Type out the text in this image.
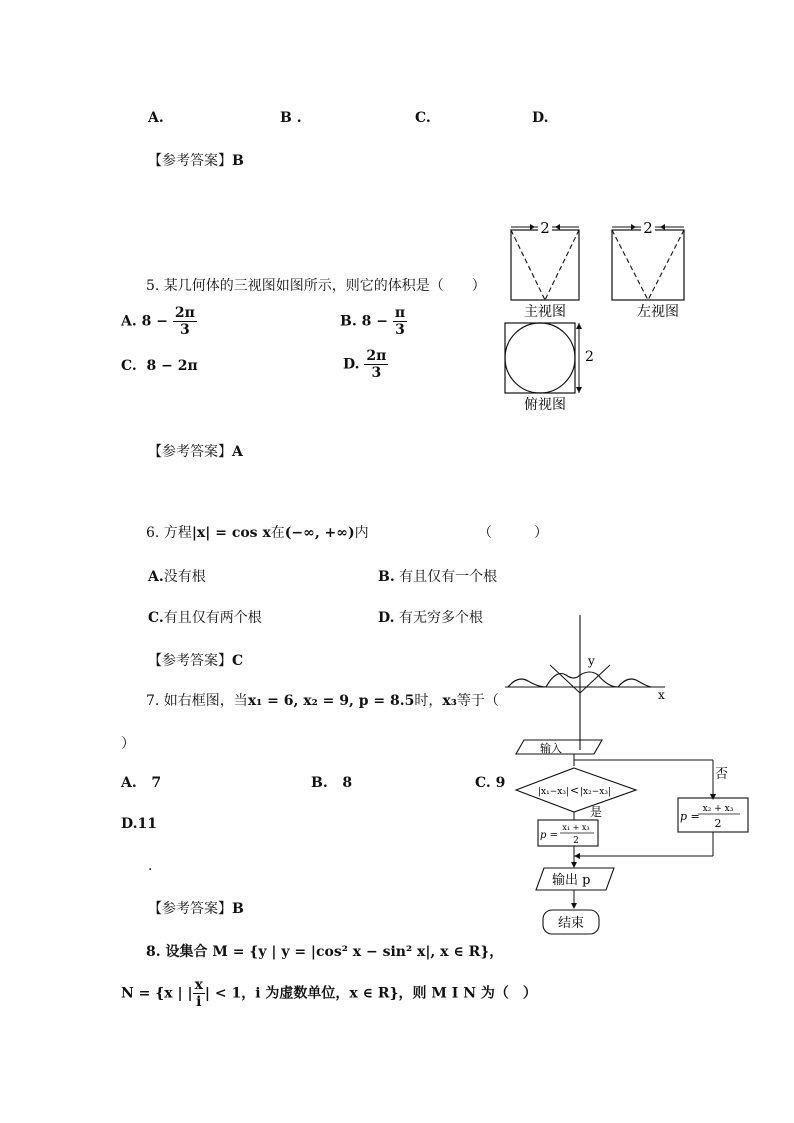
A.	B .	C.	D.
【参考答案】B
5. 某几何体的三视图如图所示，则它的体积是（　　）
A. $8 - \frac{2\pi}{3}$	B. $8 - \frac{\pi}{3}$
C. 8 − 2π	D. $\frac{2\pi}{3}$
【参考答案】A
2
主视图
2
左视图
2
俯视图
6. 方程|x| = cos x在(−∞, +∞)内	（　　　）
A.没有根	B. 有且仅有一个根
C.有且仅有两个根	D. 有无穷多个根
【参考答案】C	y
x
7. 如右框图，当x₁ = 6, x₂ = 9, p = 8.5时，x₃等于（
）
A. 7	B. 8	C. 9
D.11
.
【参考答案】B
输入
否
|x₁−x₃| < |x₂−x₃|
是
p =
x₁ + x₃
2
p =
x₂ + x₃
2
输出 p
结束
8. 设集合 M = {y | y = |cos² x − sin² x|, x ∈ R}，
N = {x | | $\frac{x}{i}$ | < 1，i 为虚数单位，x ∈ R}，则 M I N 为（　）
